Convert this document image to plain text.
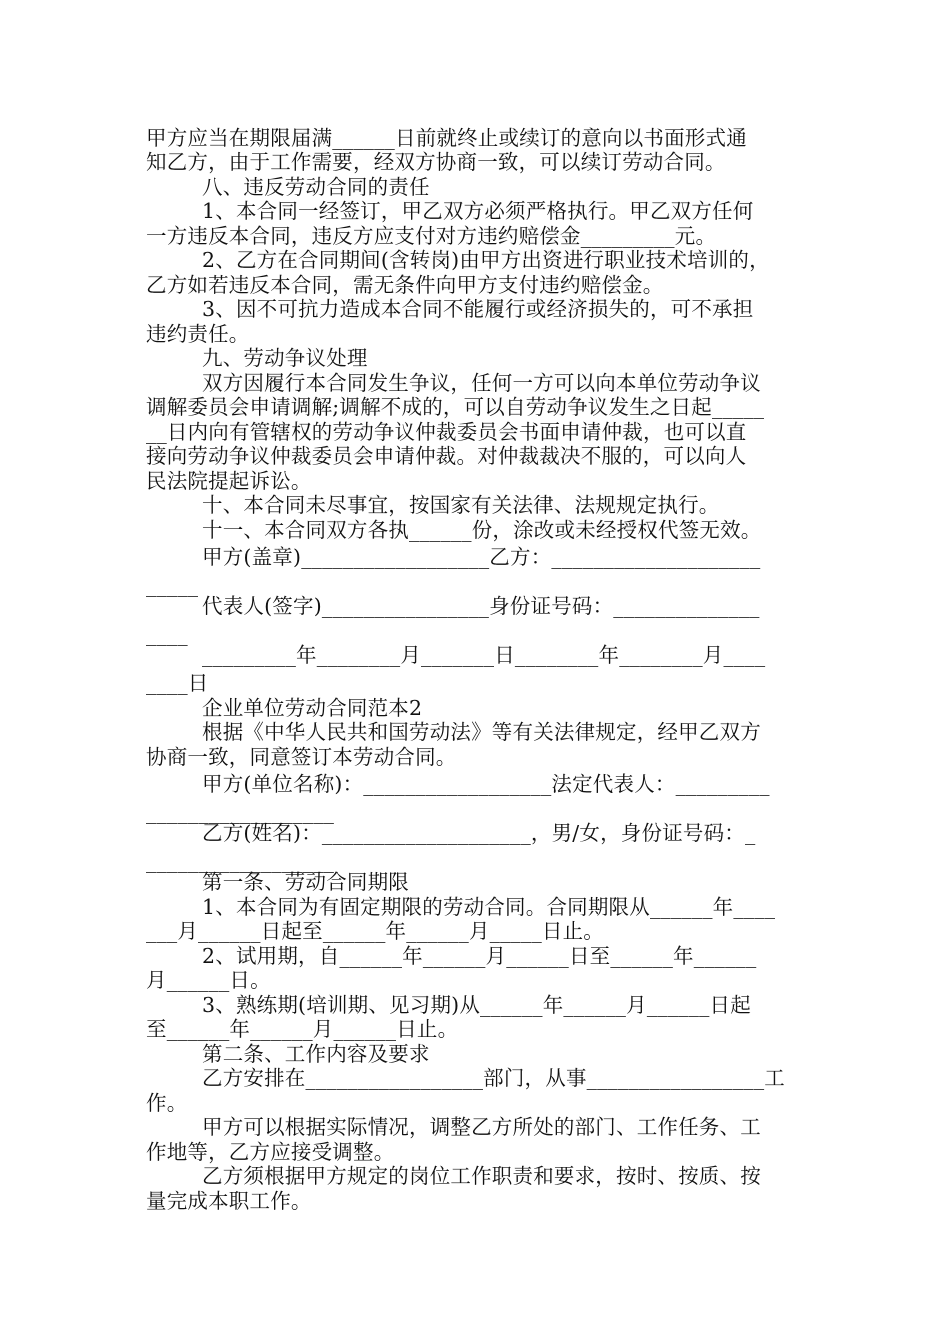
甲方应当在期限届满______日前就终止或续订的意向以书面形式通
知乙方，由于工作需要，经双方协商一致，可以续订劳动合同。
八、违反劳动合同的责任
1、本合同一经签订，甲乙双方必须严格执行。甲乙双方任何
一方违反本合同，违反方应支付对方违约赔偿金_________元。
2、乙方在合同期间(含转岗)由甲方出资进行职业技术培训的，
乙方如若违反本合同，需无条件向甲方支付违约赔偿金。
3、因不可抗力造成本合同不能履行或经济损失的，可不承担
违约责任。
九、劳动争议处理
双方因履行本合同发生争议，任何一方可以向本单位劳动争议
调解委员会申请调解;调解不成的，可以自劳动争议发生之日起_____
__日内向有管辖权的劳动争议仲裁委员会书面申请仲裁，也可以直
接向劳动争议仲裁委员会申请仲裁。对仲裁裁决不服的，可以向人
民法院提起诉讼。
十、本合同未尽事宜，按国家有关法律、法规规定执行。
十一、本合同双方各执______份，涂改或未经授权代签无效。
甲方(盖章)__________________乙方：____________________
_____
代表人(签字)________________身份证号码：______________
____
_________年________月_______日________年________月____
____日
企业单位劳动合同范本2
根据《中华人民共和国劳动法》等有关法律规定，经甲乙双方
协商一致，同意签订本劳动合同。
甲方(单位名称)：__________________法定代表人：_________
__________________
乙方(姓名)：____________________，男/女，身份证号码：_
__________________
第一条、劳动合同期限
1、本合同为有固定期限的劳动合同。合同期限从______年____
___月______日起至______年______月_____日止。
2、试用期，自______年______月______日至______年______
月______日。
3、熟练期(培训期、见习期)从______年______月______日起
至______年______月______日止。
第二条、工作内容及要求
乙方安排在_________________部门，从事_________________工
作。
甲方可以根据实际情况，调整乙方所处的部门、工作任务、工
作地等，乙方应接受调整。
乙方须根据甲方规定的岗位工作职责和要求，按时、按质、按
量完成本职工作。
